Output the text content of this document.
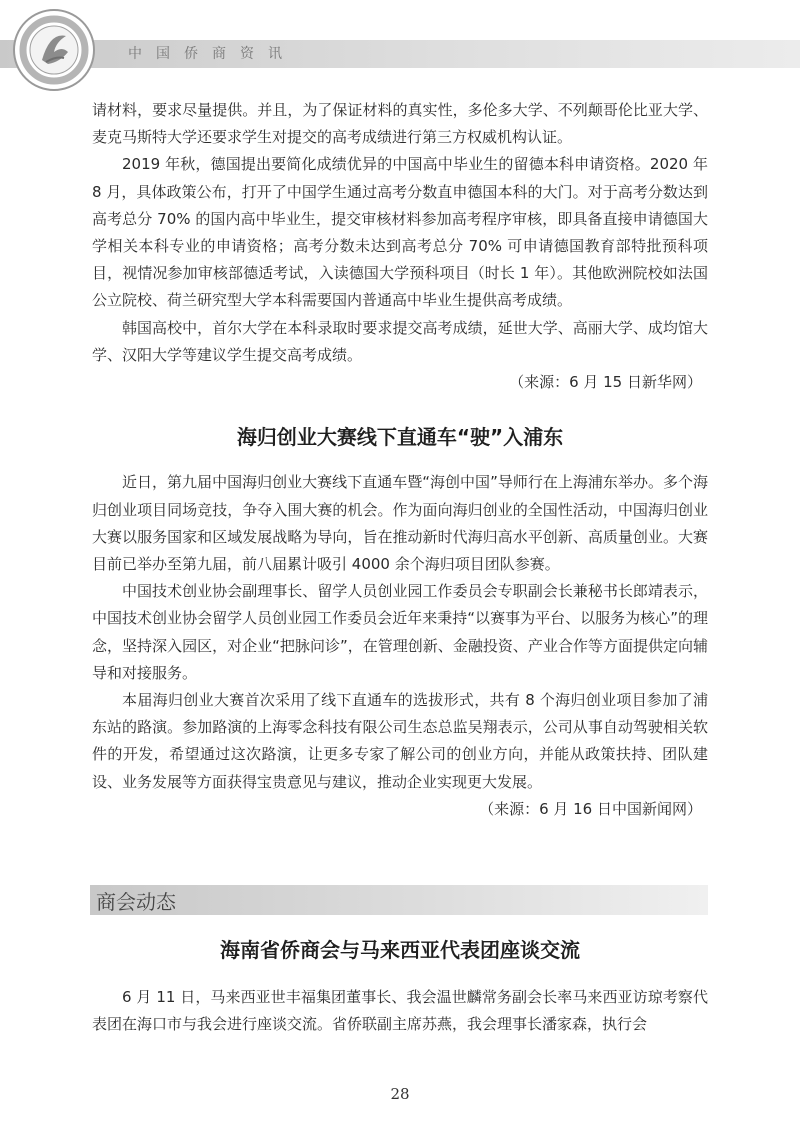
中国侨商资讯

请材料，要求尽量提供。并且，为了保证材料的真实性，多伦多大学、不列颠哥伦比亚大学、麦克马斯特大学还要求学生对提交的高考成绩进行第三方权威机构认证。

2019 年秋，德国提出要简化成绩优异的中国高中毕业生的留德本科申请资格。2020 年 8 月，具体政策公布，打开了中国学生通过高考分数直申德国本科的大门。对于高考分数达到高考总分 70% 的国内高中毕业生，提交审核材料参加高考程序审核，即具备直接申请德国大学相关本科专业的申请资格；高考分数未达到高考总分 70% 可申请德国教育部特批预科项目，视情况参加审核部德适考试，入读德国大学预科项目（时长 1 年）。其他欧洲院校如法国公立院校、荷兰研究型大学本科需要国内普通高中毕业生提供高考成绩。

韩国高校中，首尔大学在本科录取时要求提交高考成绩，延世大学、高丽大学、成均馆大学、汉阳大学等建议学生提交高考成绩。

（来源：6 月 15 日新华网）

海归创业大赛线下直通车“驶”入浦东

近日，第九届中国海归创业大赛线下直通车暨“海创中国”导师行在上海浦东举办。多个海归创业项目同场竞技，争夺入围大赛的机会。作为面向海归创业的全国性活动，中国海归创业大赛以服务国家和区域发展战略为导向，旨在推动新时代海归高水平创新、高质量创业。大赛目前已举办至第九届，前八届累计吸引 4000 余个海归项目团队参赛。

中国技术创业协会副理事长、留学人员创业园工作委员会专职副会长兼秘书长郎靖表示，中国技术创业协会留学人员创业园工作委员会近年来秉持“以赛事为平台、以服务为核心”的理念，坚持深入园区，对企业“把脉问诊”，在管理创新、金融投资、产业合作等方面提供定向辅导和对接服务。

本届海归创业大赛首次采用了线下直通车的选拔形式，共有 8 个海归创业项目参加了浦东站的路演。参加路演的上海零念科技有限公司生态总监吴翔表示，公司从事自动驾驶相关软件的开发，希望通过这次路演，让更多专家了解公司的创业方向，并能从政策扶持、团队建设、业务发展等方面获得宝贵意见与建议，推动企业实现更大发展。

（来源：6 月 16 日中国新闻网）

商会动态
海南省侨商会与马来西亚代表团座谈交流

6 月 11 日，马来西亚世丰福集团董事长、我会温世麟常务副会长率马来西亚访琼考察代表团在海口市与我会进行座谈交流。省侨联副主席苏燕，我会理事长潘家森，执行会

28
